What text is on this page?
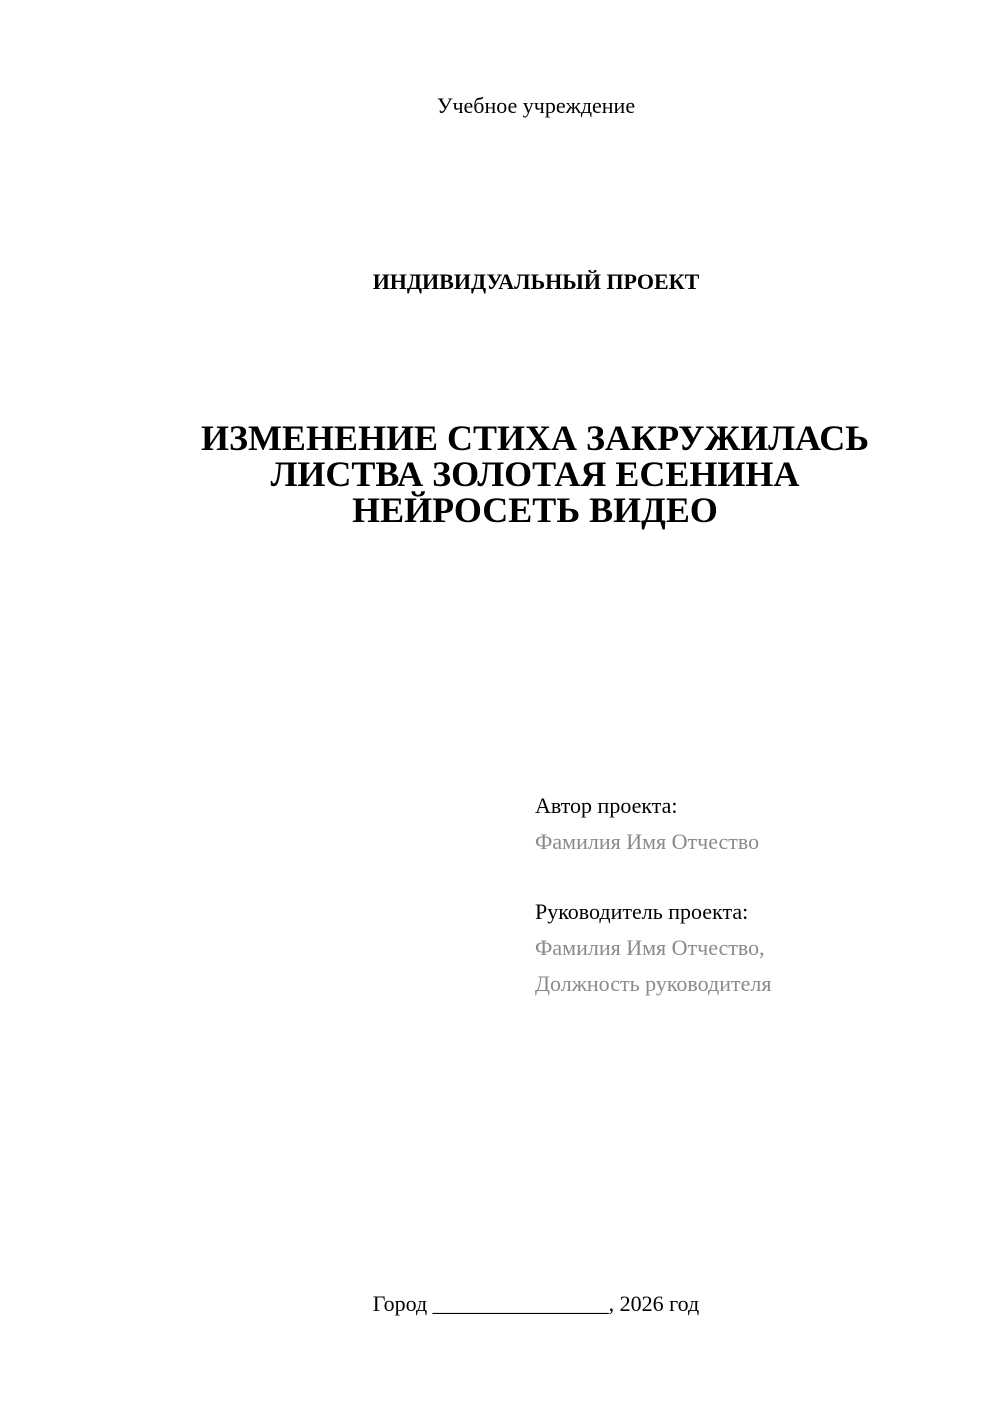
Учебное учреждение
ИНДИВИДУАЛЬНЫЙ ПРОЕКТ
ИЗМЕНЕНИЕ СТИХА ЗАКРУЖИЛАСЬ
ЛИСТВА ЗОЛОТАЯ ЕСЕНИНА
НЕЙРОСЕТЬ ВИДЕО
Автор проекта:
Фамилия Имя Отчество
Руководитель проекта:
Фамилия Имя Отчество,
Должность руководителя
Город ________________, 2026 год
